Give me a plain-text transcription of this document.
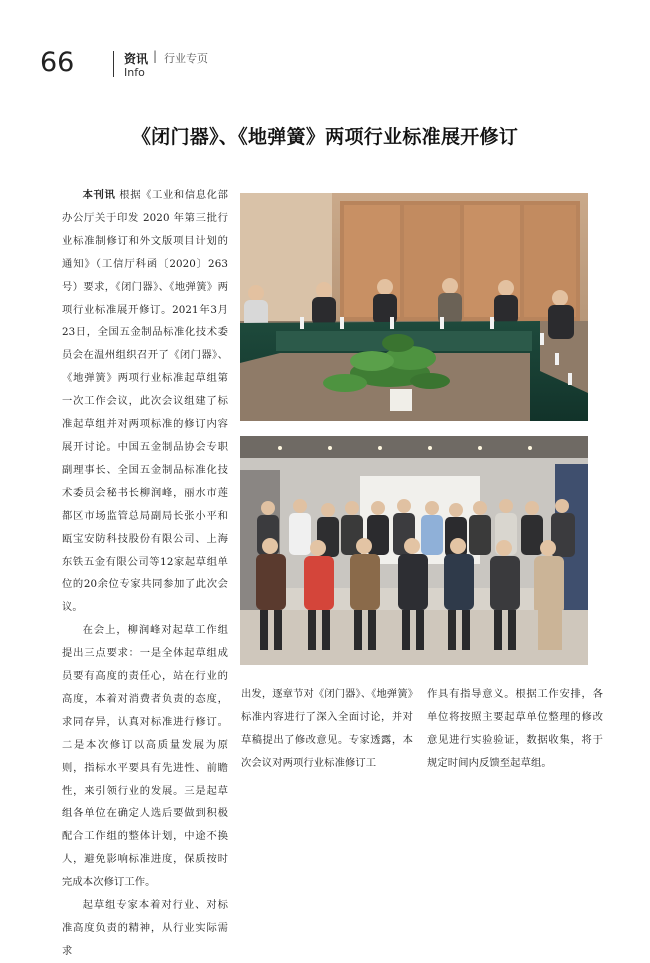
66	资讯 | 行业专页
Info
《闭门器》、《地弹簧》两项行业标准展开修订

本刊讯 根据《工业和信息化部办公厅关于印发 2020 年第三批行业标准制修订和外文版项目计划的通知》（工信厅科函〔2020〕263 号）要求，《闭门器》、《地弹簧》两项行业标准展开修订。2021年3月23日，全国五金制品标准化技术委员会在温州组织召开了《闭门器》、《地弹簧》两项行业标准起草组第一次工作会议，此次会议组建了标准起草组并对两项标准的修订内容展开讨论。中国五金制品协会专职副理事长、全国五金制品标准化技术委员会秘书长柳润峰，丽水市莲都区市场监管总局副局长张小平和瓯宝安防科技股份有限公司、上海东铁五金有限公司等12家起草组单位的20余位专家共同参加了此次会议。

在会上，柳润峰对起草工作组提出三点要求：一是全体起草组成员要有高度的责任心，站在行业的高度，本着对消费者负责的态度，求同存异，认真对标准进行修订。二是本次修订以高质量发展为原则，指标水平要具有先进性、前瞻性，来引领行业的发展。三是起草组各单位在确定人选后要做到积极配合工作组的整体计划，中途不换人，避免影响标准进度，保质按时完成本次修订工作。

起草组专家本着对行业、对标准高度负责的精神，从行业实际需求

出发，逐章节对《闭门器》、《地弹簧》标准内容进行了深入全面讨论，并对草稿提出了修改意见。专家透露，本次会议对两项行业标准修订工

作具有指导意义。根据工作安排，各单位将按照主要起草单位整理的修改意见进行实验验证，数据收集，将于规定时间内反馈至起草组。
